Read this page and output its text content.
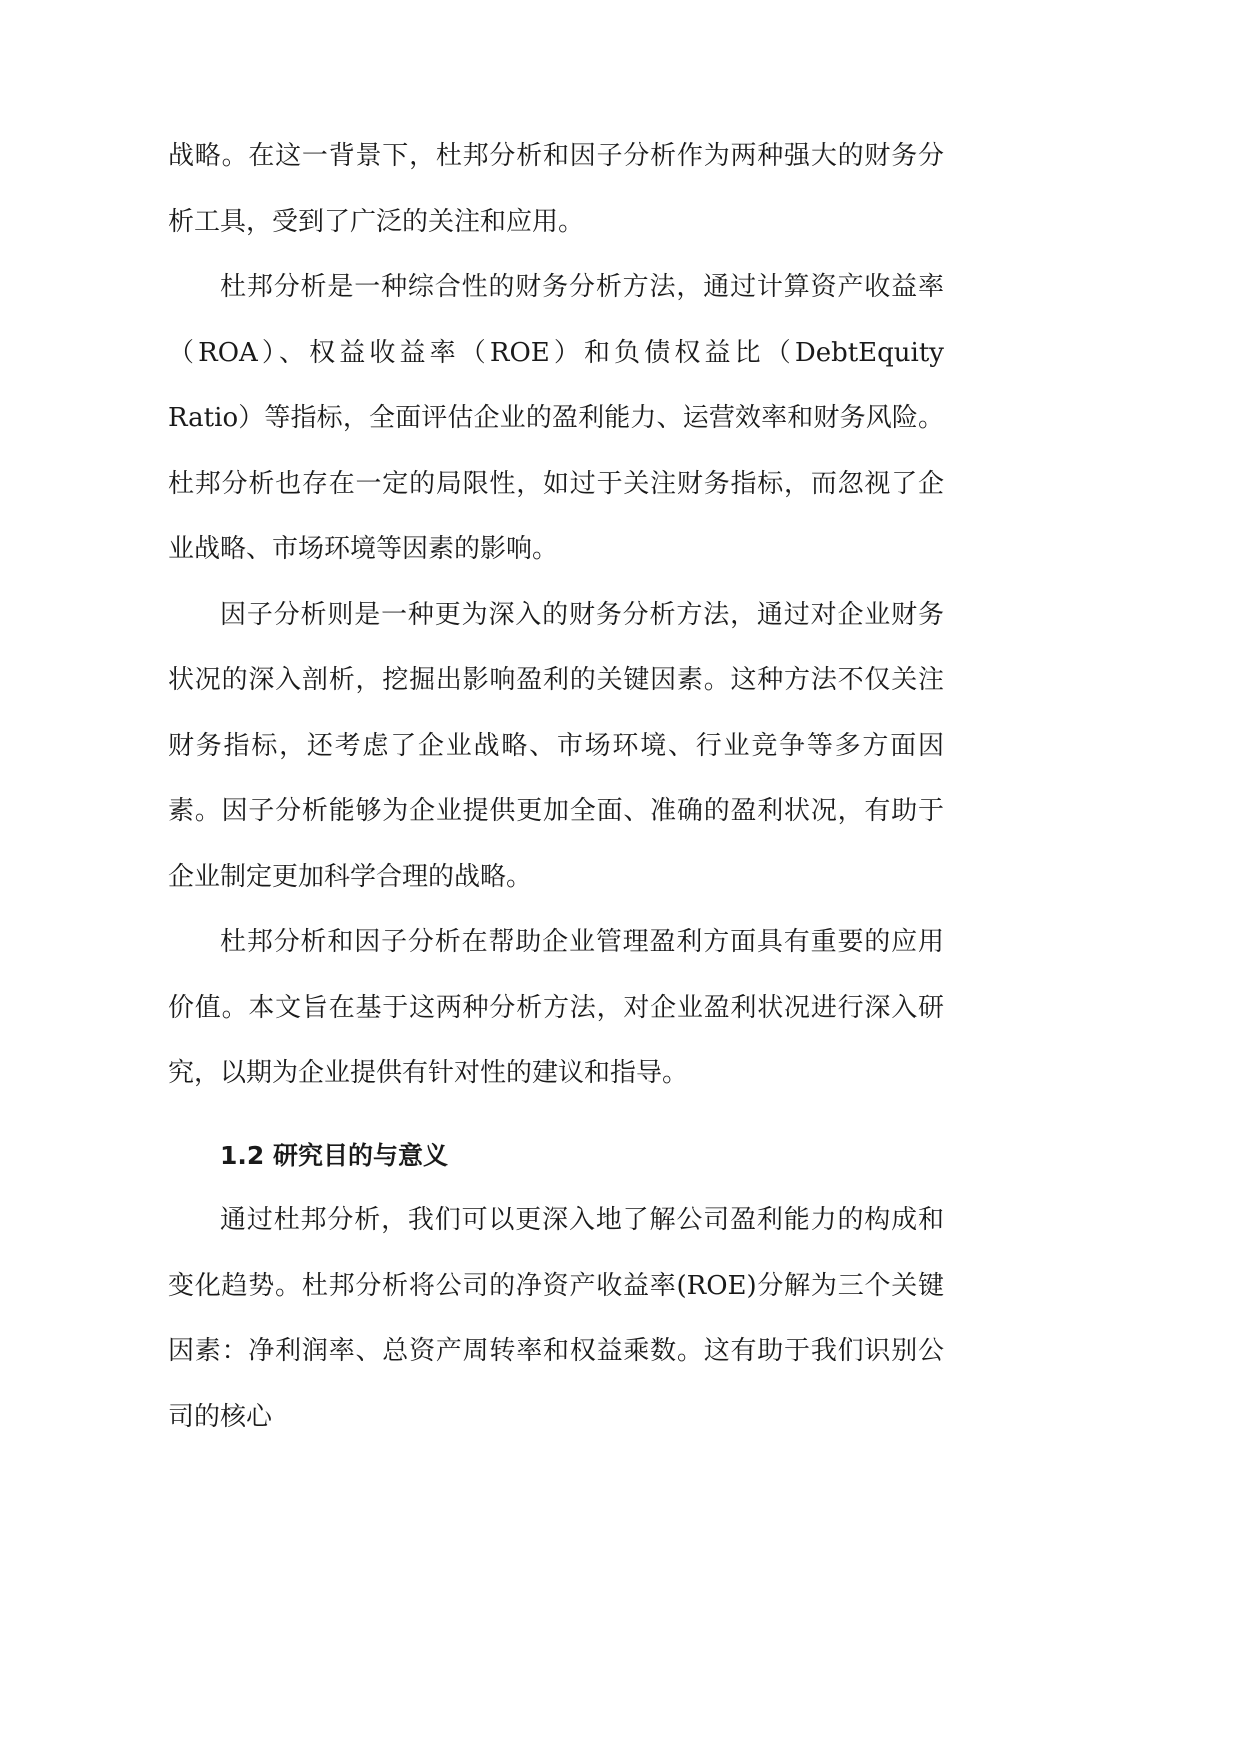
战略。在这一背景下，杜邦分析和因子分析作为两种强大的财务分析工具，受到了广泛的关注和应用。

杜邦分析是一种综合性的财务分析方法，通过计算资产收益率（ROA）、权益收益率（ROE）和负债权益比（DebtEquity Ratio）等指标，全面评估企业的盈利能力、运营效率和财务风险。杜邦分析也存在一定的局限性，如过于关注财务指标，而忽视了企业战略、市场环境等因素的影响。

因子分析则是一种更为深入的财务分析方法，通过对企业财务状况的深入剖析，挖掘出影响盈利的关键因素。这种方法不仅关注财务指标，还考虑了企业战略、市场环境、行业竞争等多方面因素。因子分析能够为企业提供更加全面、准确的盈利状况，有助于企业制定更加科学合理的战略。

杜邦分析和因子分析在帮助企业管理盈利方面具有重要的应用价值。本文旨在基于这两种分析方法，对企业盈利状况进行深入研究，以期为企业提供有针对性的建议和指导。

1.2 研究目的与意义

通过杜邦分析，我们可以更深入地了解公司盈利能力的构成和变化趋势。杜邦分析将公司的净资产收益率(ROE)分解为三个关键因素：净利润率、总资产周转率和权益乘数。这有助于我们识别公司的核心
